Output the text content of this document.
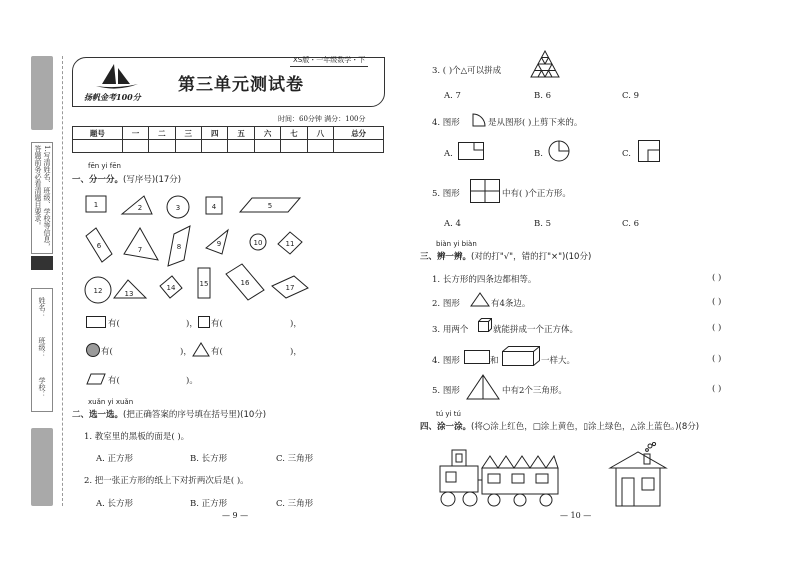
1.写清姓名、班级、学校等信息，答题前务必看清题目要求。
学校：
班级：
姓名：
扬帆金考100分
XS版・一年级数学・下
第三单元测试卷
时间：60分钟 满分：100分
题号	一	二	三	四	五	六	七	八	总分

fēn yi fēn
一、分一分。(写序号)(17分)
1	2	3	4	5
6	7	8	9	10	11
12	13
14	15	16
17
有(	)， 有(	)，
有(	)， 有(	)，
有(	)。
xuǎn yi xuǎn
二、选一选。(把正确答案的序号填在括号里)(10分)
1. 教室里的黑板的面是( )。
A. 正方形	B. 长方形	C. 三角形
2. 把一张正方形的纸上下对折两次后是( )。
A. 长方形	B. 正方形	C. 三角形
— 9 —
3. ( )个△可以拼成
A. 7	B. 6	C. 9
4. 图形	是从图形( )上剪下来的。
A.	B.	C.
5. 图形	中有( )个正方形。
A. 4	B. 5	C. 6
biàn yi biàn
三、辨一辨。(对的打"√"，错的打"×")(10分)
1. 长方形的四条边都相等。	( )
2. 图形	有4条边。	( )
3. 用两个	就能拼成一个正方体。	( )
4. 图形	和	一样大。	( )
5. 图形	中有2个三角形。	( )
tú yi tú
四、涂一涂。(将○涂上红色，□涂上黄色，▯涂上绿色，△涂上蓝色。)(8分)
— 10 —
